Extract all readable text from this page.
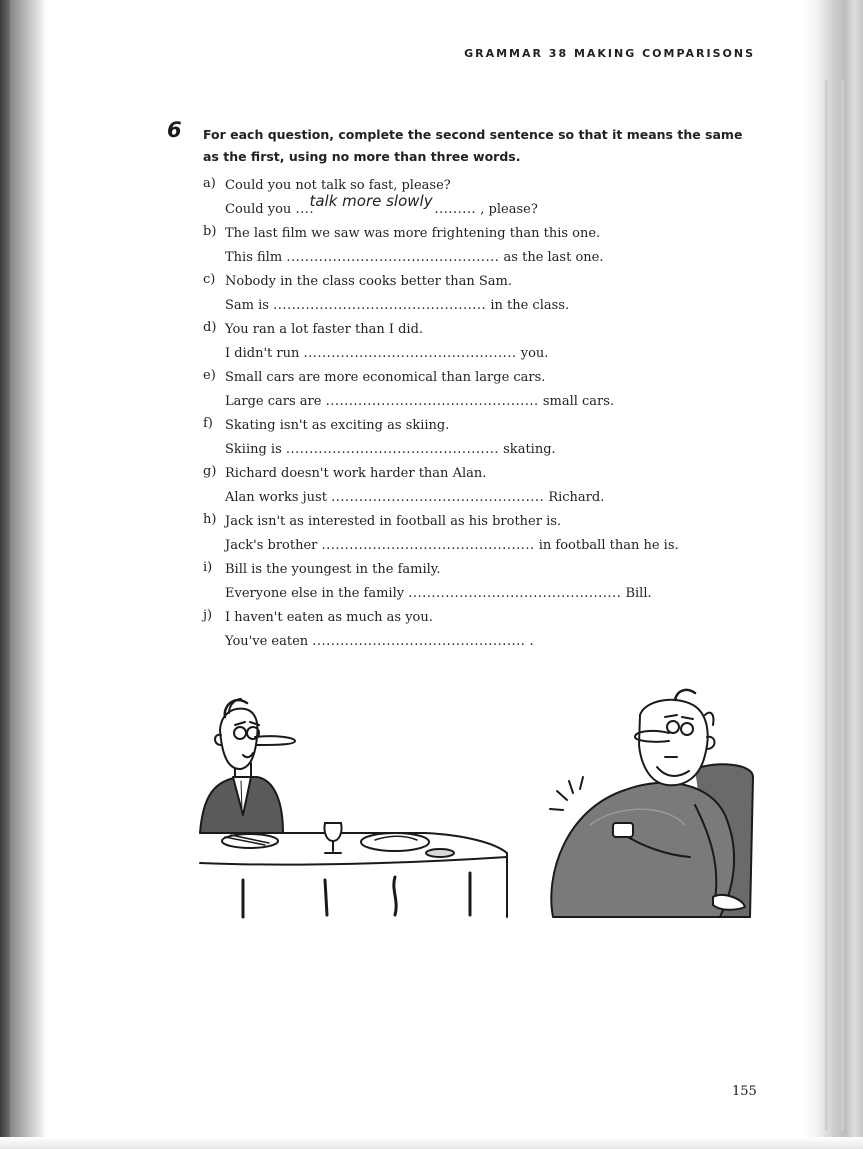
GRAMMAR 38 MAKING COMPARISONS
6 For each question, complete the second sentence so that it means the same as the first, using no more than three words.
a) Could you not talk so fast, please?
Could you ....
talk more slowly ......... , please?
b) The last film we saw was more frightening than this one.
This film .............................................. as the last one.
c) Nobody in the class cooks better than Sam.
Sam is .............................................. in the class.
d) You ran a lot faster than I did.
I didn't run .............................................. you.
e) Small cars are more economical than large cars.
Large cars are .............................................. small cars.
f) Skating isn't as exciting as skiing.
Skiing is .............................................. skating.
g) Richard doesn't work harder than Alan.
Alan works just .............................................. Richard.
h) Jack isn't as interested in football as his brother is.
Jack's brother .............................................. in football than he is.
i) Bill is the youngest in the family.
Everyone else in the family .............................................. Bill.
j) I haven't eaten as much as you.
You've eaten .............................................. .
155
